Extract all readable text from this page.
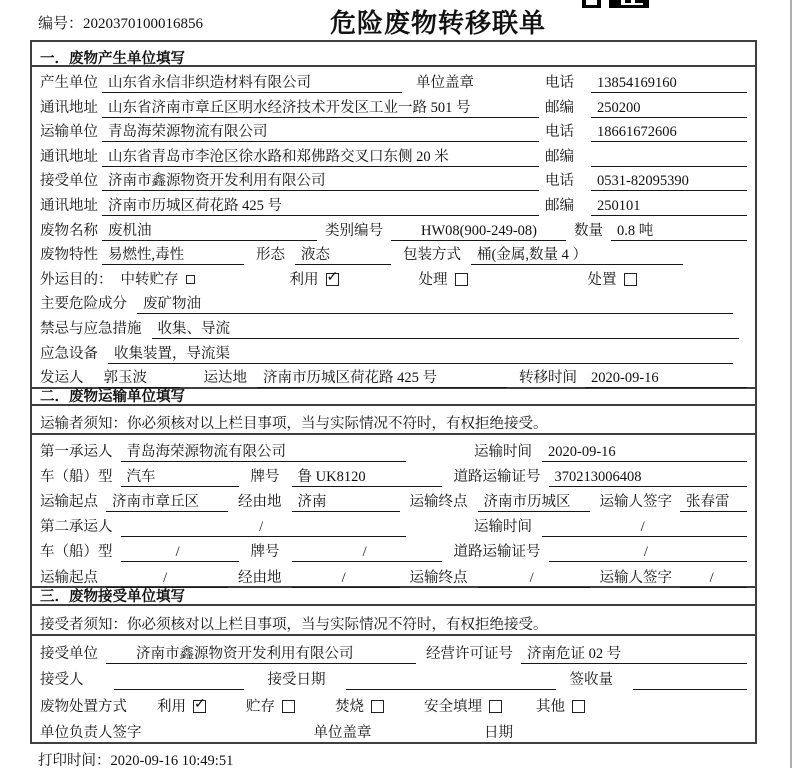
编号：2020370100016856	危险废物转移联单
一．废物产生单位填写
产生单位 山东省永信非织造材料有限公司	单位盖章	电话	13854169160
通讯地址 山东省济南市章丘区明水经济技术开发区工业一路 501 号	邮编	250200
运输单位 青岛海荣源物流有限公司	电话	18661672606
通讯地址 山东省青岛市李沧区徐水路和郑佛路交叉口东侧 20 米	邮编
接受单位 济南市鑫源物资开发利用有限公司	电话	0531-82095390
通讯地址 济南市历城区荷花路 425 号	邮编	250101
废物名称 废机油	类别编号	HW08(900-249-08)	数量 0.8 吨
废物特性 易燃性,毒性	形态	液态	包装方式	桶(金属,数量 4 ）
外运目的： 中转贮存	利用 ✓	处理	处置
主要危险成分	废矿物油
禁忌与应急措施	收集、导流
应急设备	收集装置，导流渠
发运人	郭玉波	运达地	济南市历城区荷花路 425 号	转移时间 2020-09-16
二．废物运输单位填写
运输者须知：你必须核对以上栏目事项，当与实际情况不符时，有权拒绝接受。
第一承运人 青岛海荣源物流有限公司	运输时间	2020-09-16
车（船）型 汽车	牌号	鲁 UK8120	道路运输证号 370213006408
运输起点 济南市章丘区	经由地	济南	运输终点	济南市历城区	运输人签字 张春雷
第二承运人	/	运输时间	/
车（船）型	/	牌号	/	道路运输证号	/
运输起点	/	经由地	/	运输终点	/	运输人签字	/
三．废物接受单位填写
接受者须知：你必须核对以上栏目事项，当与实际情况不符时，有权拒绝接受。
接受单位	济南市鑫源物资开发利用有限公司	经营许可证号 济南危证 02 号
接受人	接受日期	签收量
废物处置方式 利用 ✓	贮存	焚烧	安全填埋	其他
单位负责人签字	单位盖章	日期
打印时间：2020-09-16 10:49:51
